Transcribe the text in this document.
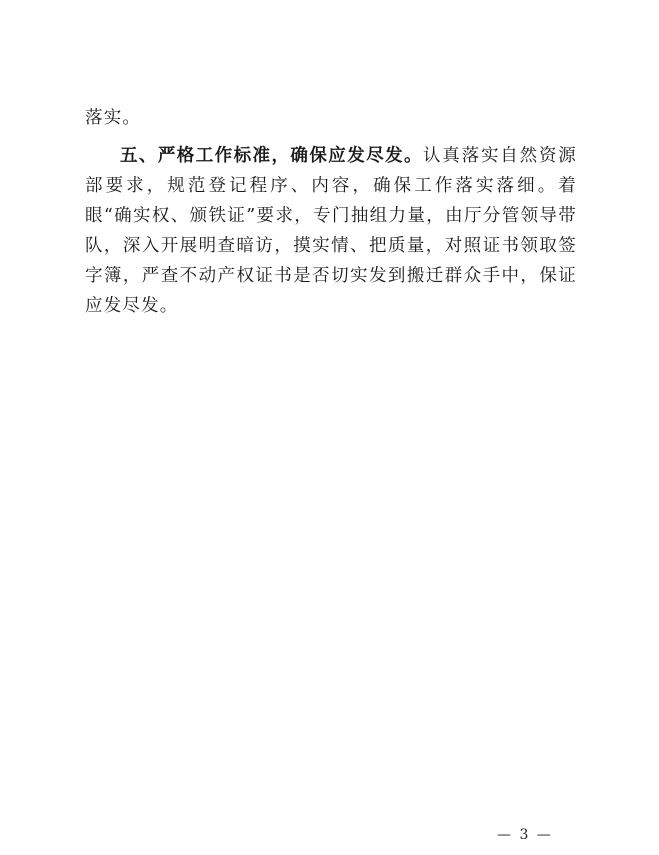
落实。

五、严格工作标准，确保应发尽发。认真落实自然资源部要求，规范登记程序、内容，确保工作落实落细。着眼“确实权、颁铁证”要求，专门抽组力量，由厅分管领导带队，深入开展明查暗访，摸实情、把质量，对照证书领取签字簿，严查不动产权证书是否切实发到搬迁群众手中，保证应发尽发。

— 3 —
